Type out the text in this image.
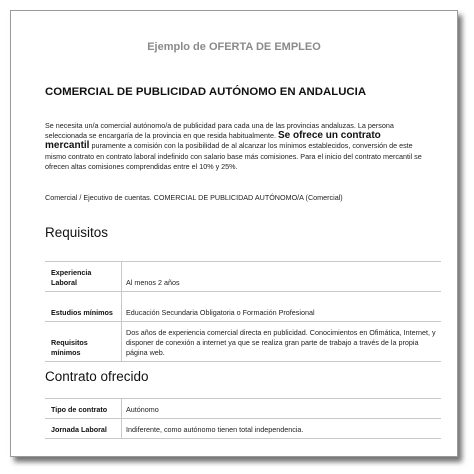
Ejemplo de OFERTA DE EMPLEO
COMERCIAL DE PUBLICIDAD AUTÓNOMO EN ANDALUCIA
Se necesita un/a comercial autónomo/a de publicidad para cada una de las provincias andaluzas. La persona seleccionada se encargaría de la provincia en que resida habitualmente. Se ofrece un contrato mercantil puramente a comisión con la posibilidad de al alcanzar los mínimos establecidos, conversión de este mismo contrato en contrato laboral indefinido con salario base más comisiones. Para el inicio del contrato mercantil se ofrecen altas comisiones comprendidas entre el 10% y 25%.
Comercial / Ejecutivo de cuentas. COMERCIAL DE PUBLICIDAD AUTÓNOMO/A (Comercial)
Requisitos
Experiencia Laboral	Al menos 2 años
Estudios mínimos	Educación Secundaria Obligatoria o Formación Profesional
Requisitos mínimos	Dos años de experiencia comercial directa en publicidad. Conocimientos en Ofimática, Internet, y disponer de conexión a internet ya que se realiza gran parte de trabajo a través de la propia página web.
Contrato ofrecido
Tipo de contrato	Autónomo
Jornada Laboral	Indiferente, como autónomo tienen total independencia.
